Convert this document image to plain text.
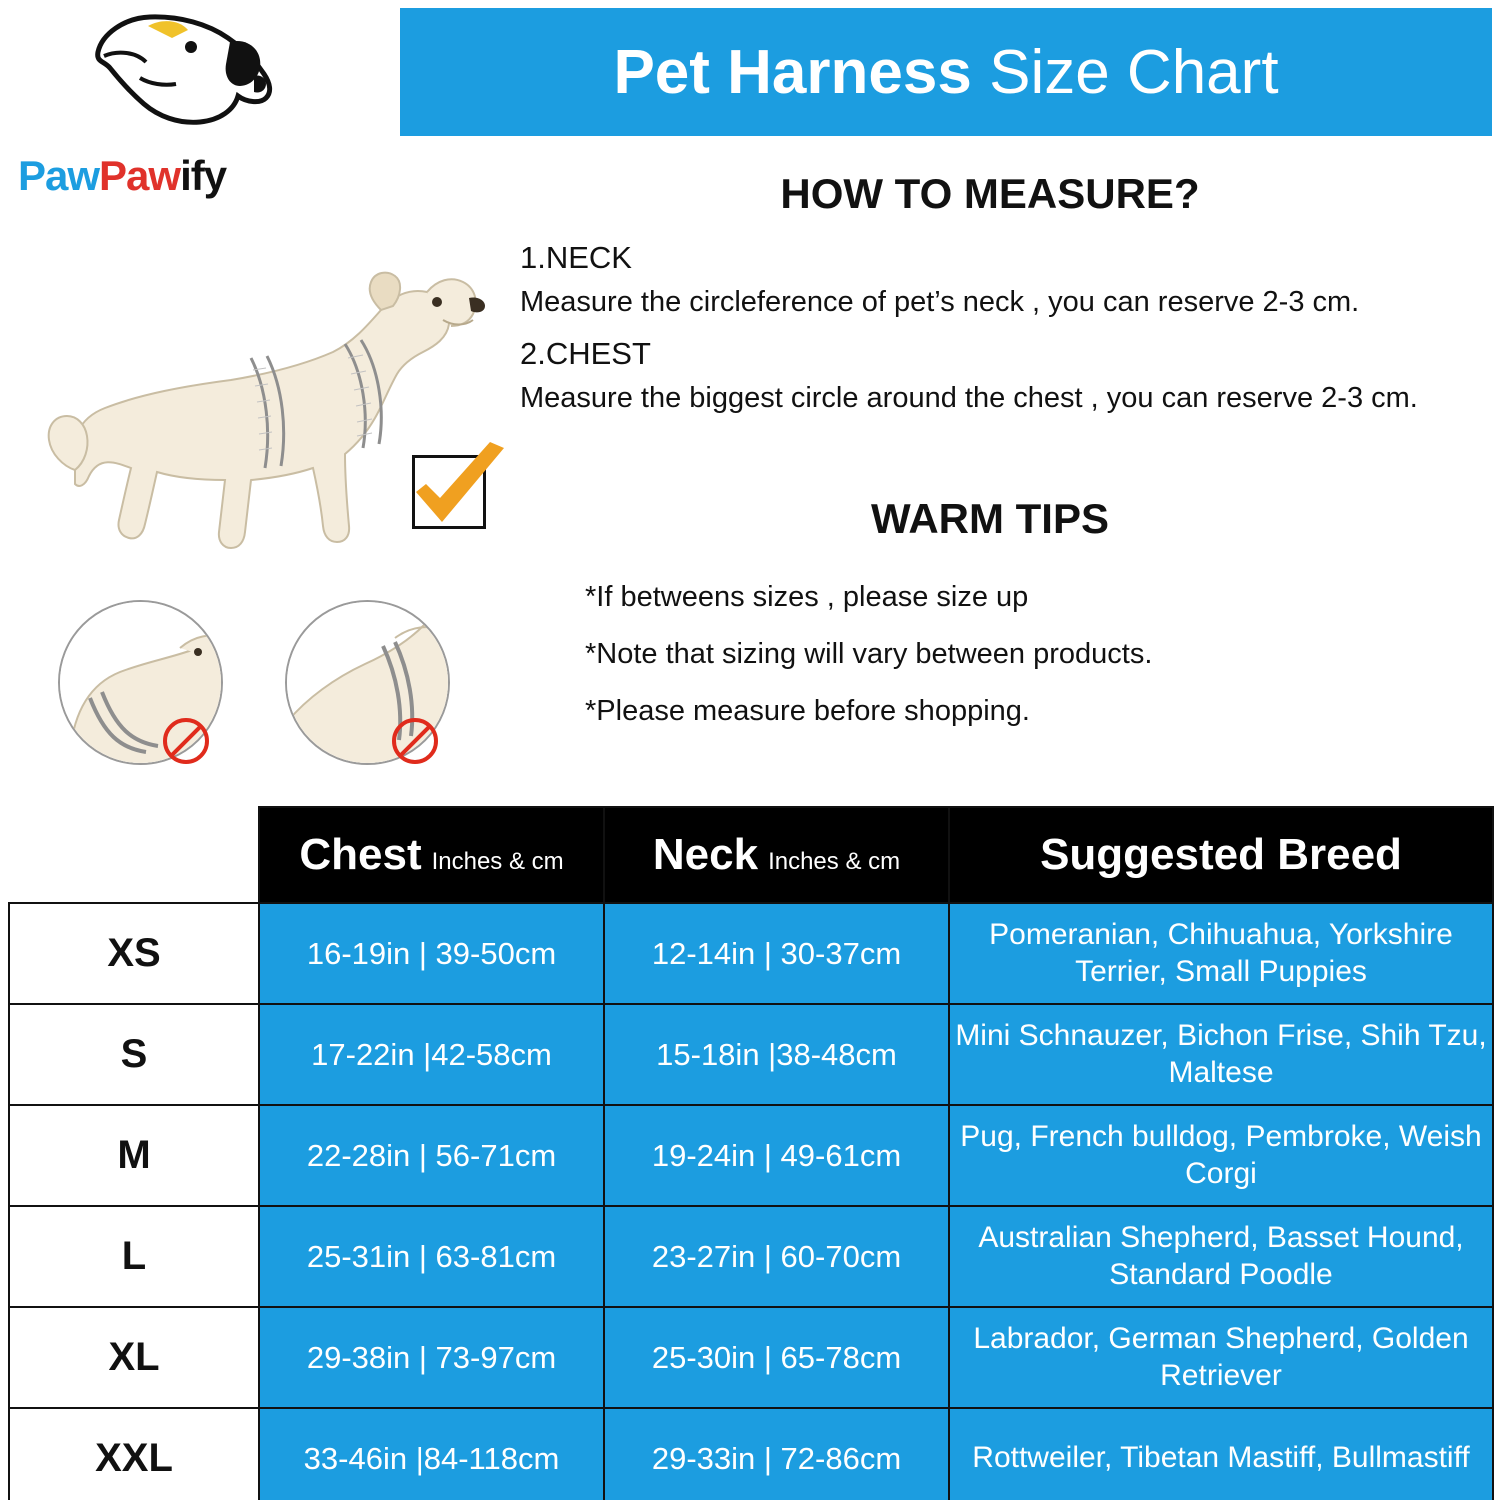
PawPawify
Pet Harness Size Chart
HOW TO MEASURE?

1.NECK

Measure the circleference of pet’s neck , you can reserve 2-3 cm.

2.CHEST

Measure the biggest circle around the chest , you can reserve 2-3 cm.

WARM TIPS

*If betweens sizes , please size up

*Note that sizing will vary between products.

*Please measure before shopping.

	Chest Inches & cm	Neck Inches & cm	Suggested Breed
XS	16-19in | 39-50cm	12-14in | 30-37cm	Pomeranian, Chihuahua, Yorkshire Terrier, Small Puppies
S	17-22in |42-58cm	15-18in |38-48cm	Mini Schnauzer, Bichon Frise, Shih Tzu, Maltese
M	22-28in | 56-71cm	19-24in | 49-61cm	Pug, French bulldog, Pembroke, Weish Corgi
L	25-31in | 63-81cm	23-27in | 60-70cm	Australian Shepherd, Basset Hound, Standard Poodle
XL	29-38in | 73-97cm	25-30in | 65-78cm	Labrador, German Shepherd, Golden Retriever
XXL	33-46in |84-118cm	29-33in | 72-86cm	Rottweiler, Tibetan Mastiff, Bullmastiff
